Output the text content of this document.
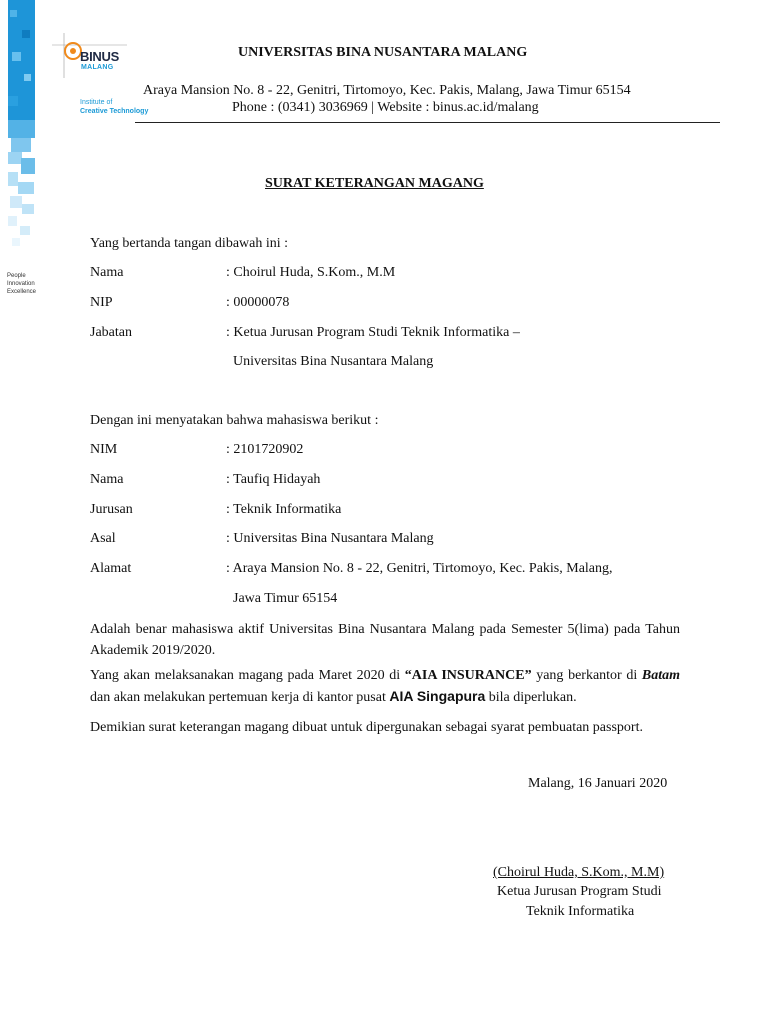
People
Innovation
Excellence
BINUS
MALANG
Institute of
Creative Technology
UNIVERSITAS BINA NUSANTARA MALANG
Araya Mansion No. 8 - 22, Genitri, Tirtomoyo, Kec. Pakis, Malang, Jawa Timur 65154
Phone : (0341) 3036969 | Website : binus.ac.id/malang
SURAT KETERANGAN MAGANG
Yang bertanda tangan dibawah ini :
Nama	: Choirul Huda, S.Kom., M.M
NIP	: 00000078
Jabatan	: Ketua Jurusan Program Studi Teknik Informatika –
Universitas Bina Nusantara Malang
Dengan ini menyatakan bahwa mahasiswa berikut :
NIM	: 2101720902
Nama	: Taufiq Hidayah
Jurusan	: Teknik Informatika
Asal	: Universitas Bina Nusantara Malang
Alamat	: Araya Mansion No. 8 - 22, Genitri, Tirtomoyo, Kec. Pakis, Malang,
Jawa Timur 65154
Adalah benar mahasiswa aktif Universitas Bina Nusantara Malang pada Semester 5(lima) pada Tahun Akademik 2019/2020.
Yang akan melaksanakan magang pada Maret 2020 di “AIA INSURANCE” yang berkantor di Batam dan akan melakukan pertemuan kerja di kantor pusat AIA Singapura bila diperlukan.
Demikian surat keterangan magang dibuat untuk dipergunakan sebagai syarat pembuatan passport.
Malang, 16 Januari 2020
(Choirul Huda, S.Kom., M.M)
Ketua Jurusan Program Studi
Teknik Informatika
